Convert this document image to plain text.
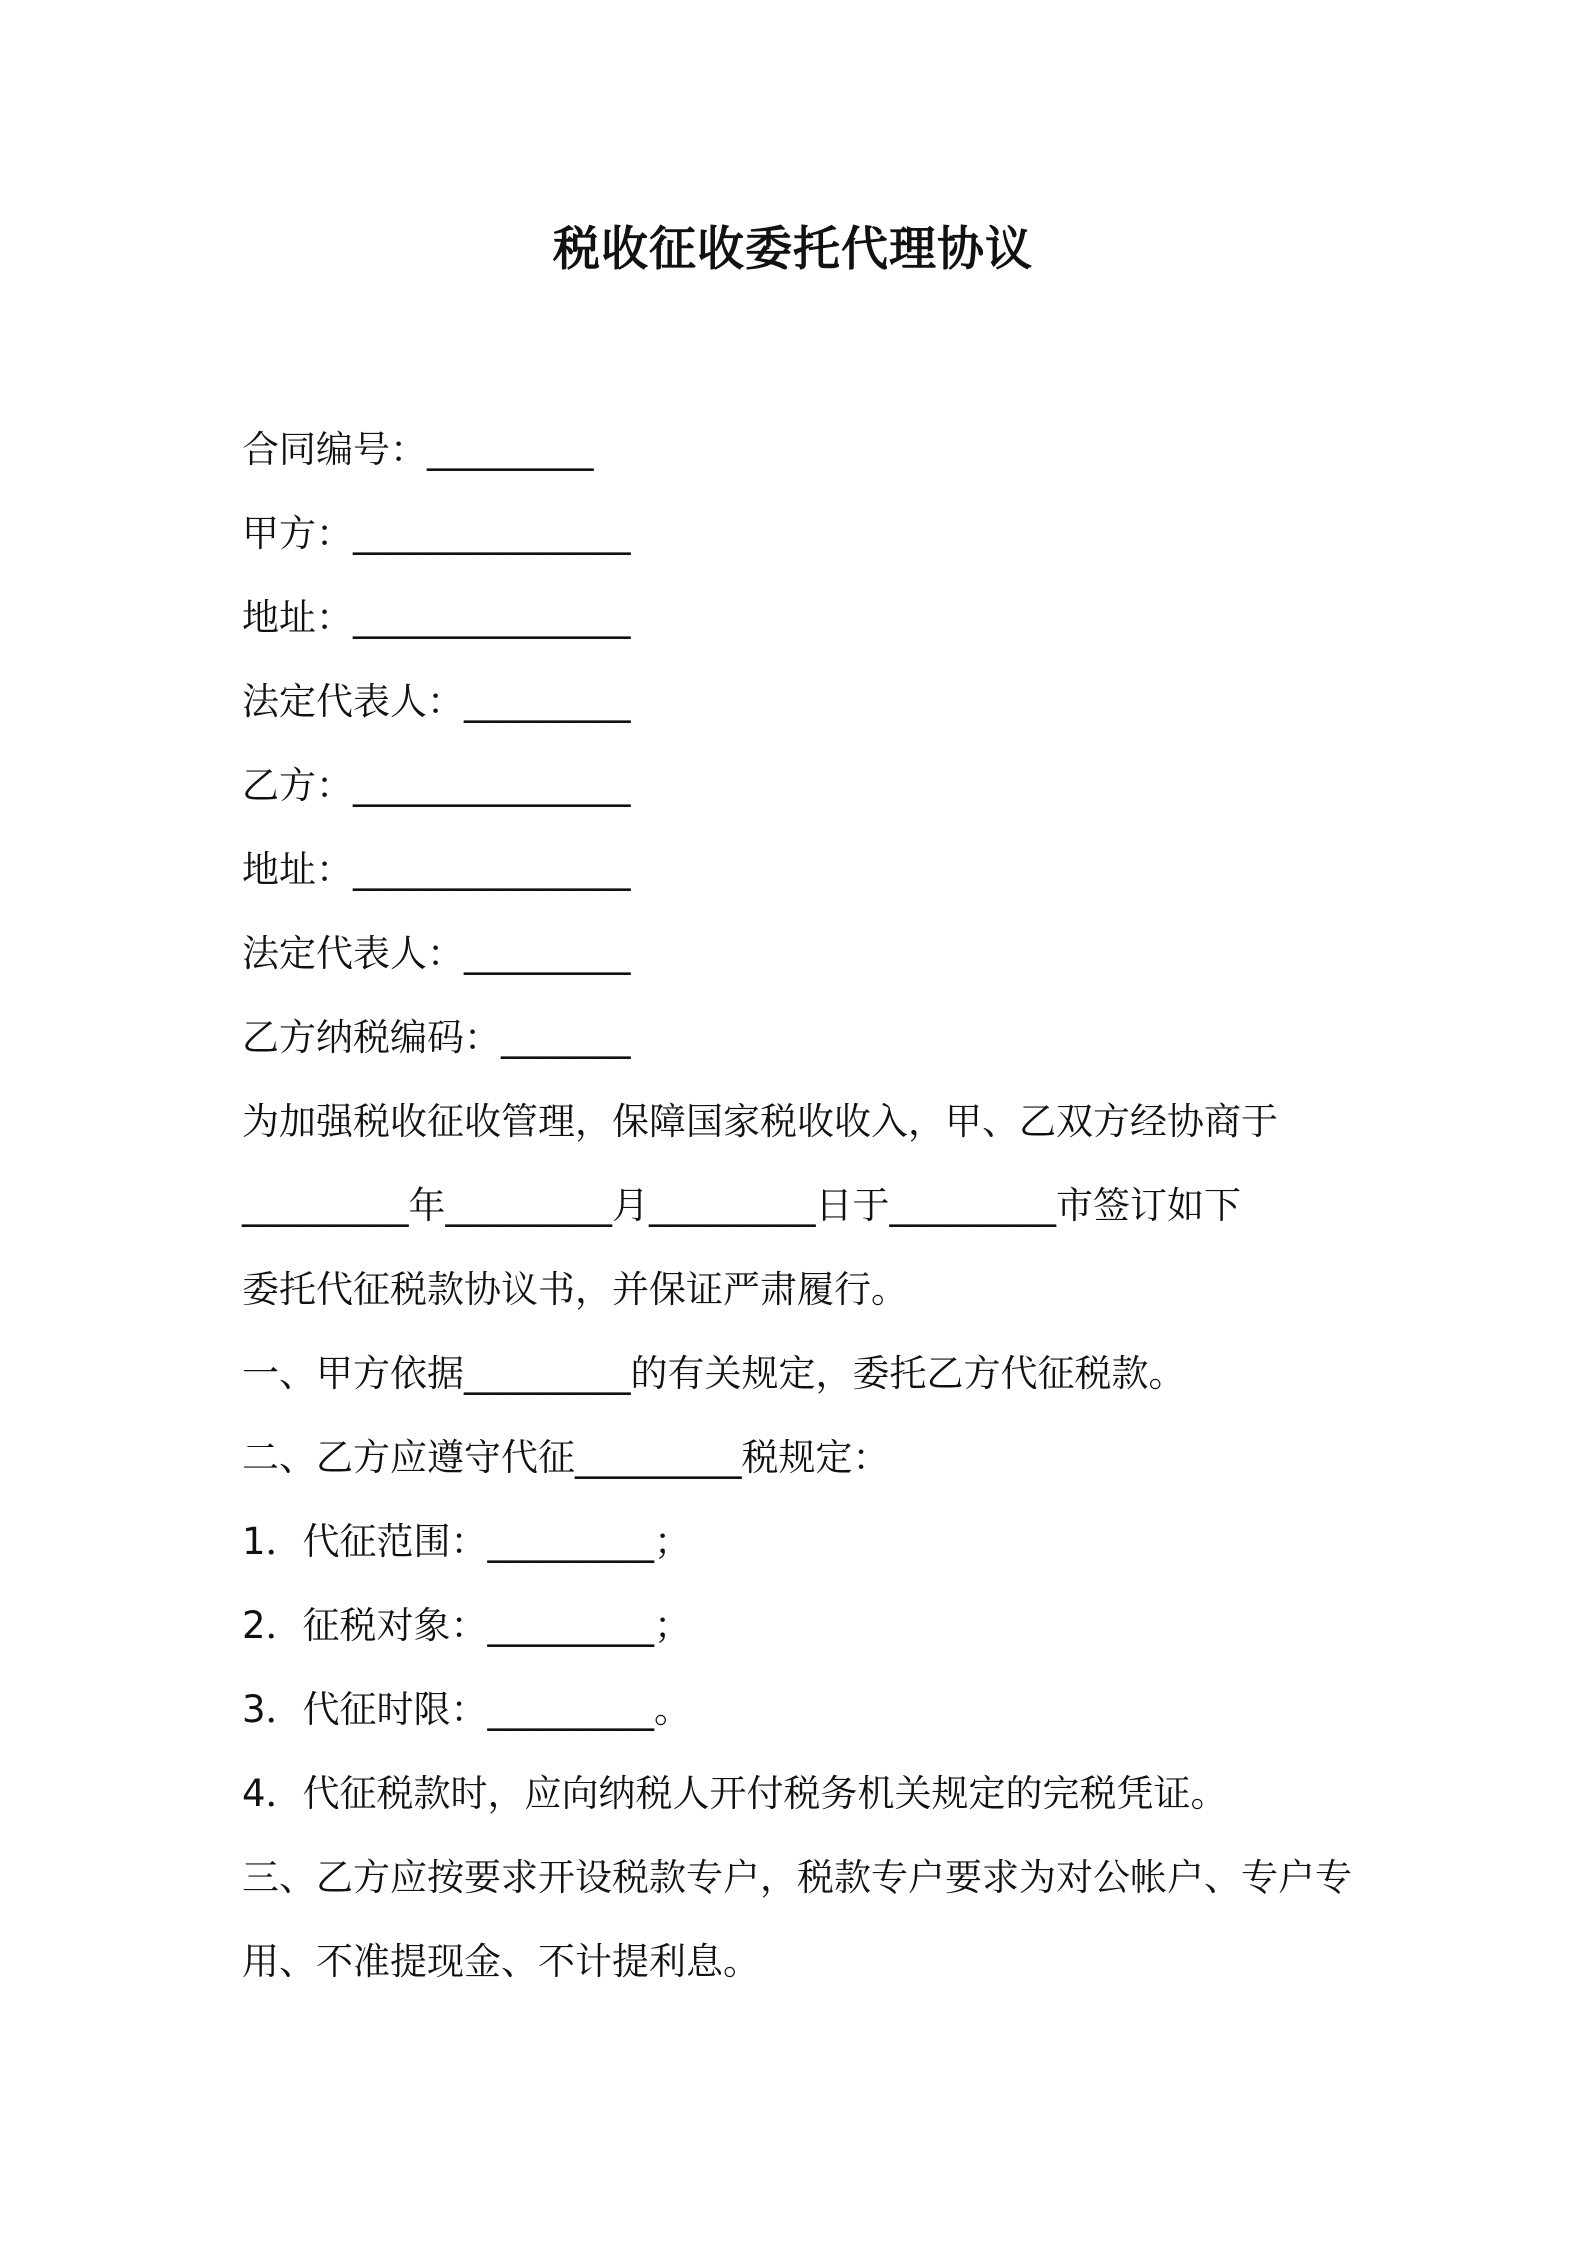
税收征收委托代理协议
合同编号：_________
甲方：_______________
地址：_______________
法定代表人：_________
乙方：_______________
地址：_______________
法定代表人：_________
乙方纳税编码：_______
为加强税收征收管理，保障国家税收收入，甲、乙双方经协商于
_________年_________月_________日于_________市签订如下
委托代征税款协议书，并保证严肃履行。
一、甲方依据_________的有关规定，委托乙方代征税款。
二、乙方应遵守代征_________税规定：
1．代征范围：_________；
2．征税对象：_________；
3．代征时限：_________。
4．代征税款时，应向纳税人开付税务机关规定的完税凭证。
三、乙方应按要求开设税款专户，税款专户要求为对公帐户、专户专
用、不准提现金、不计提利息。
